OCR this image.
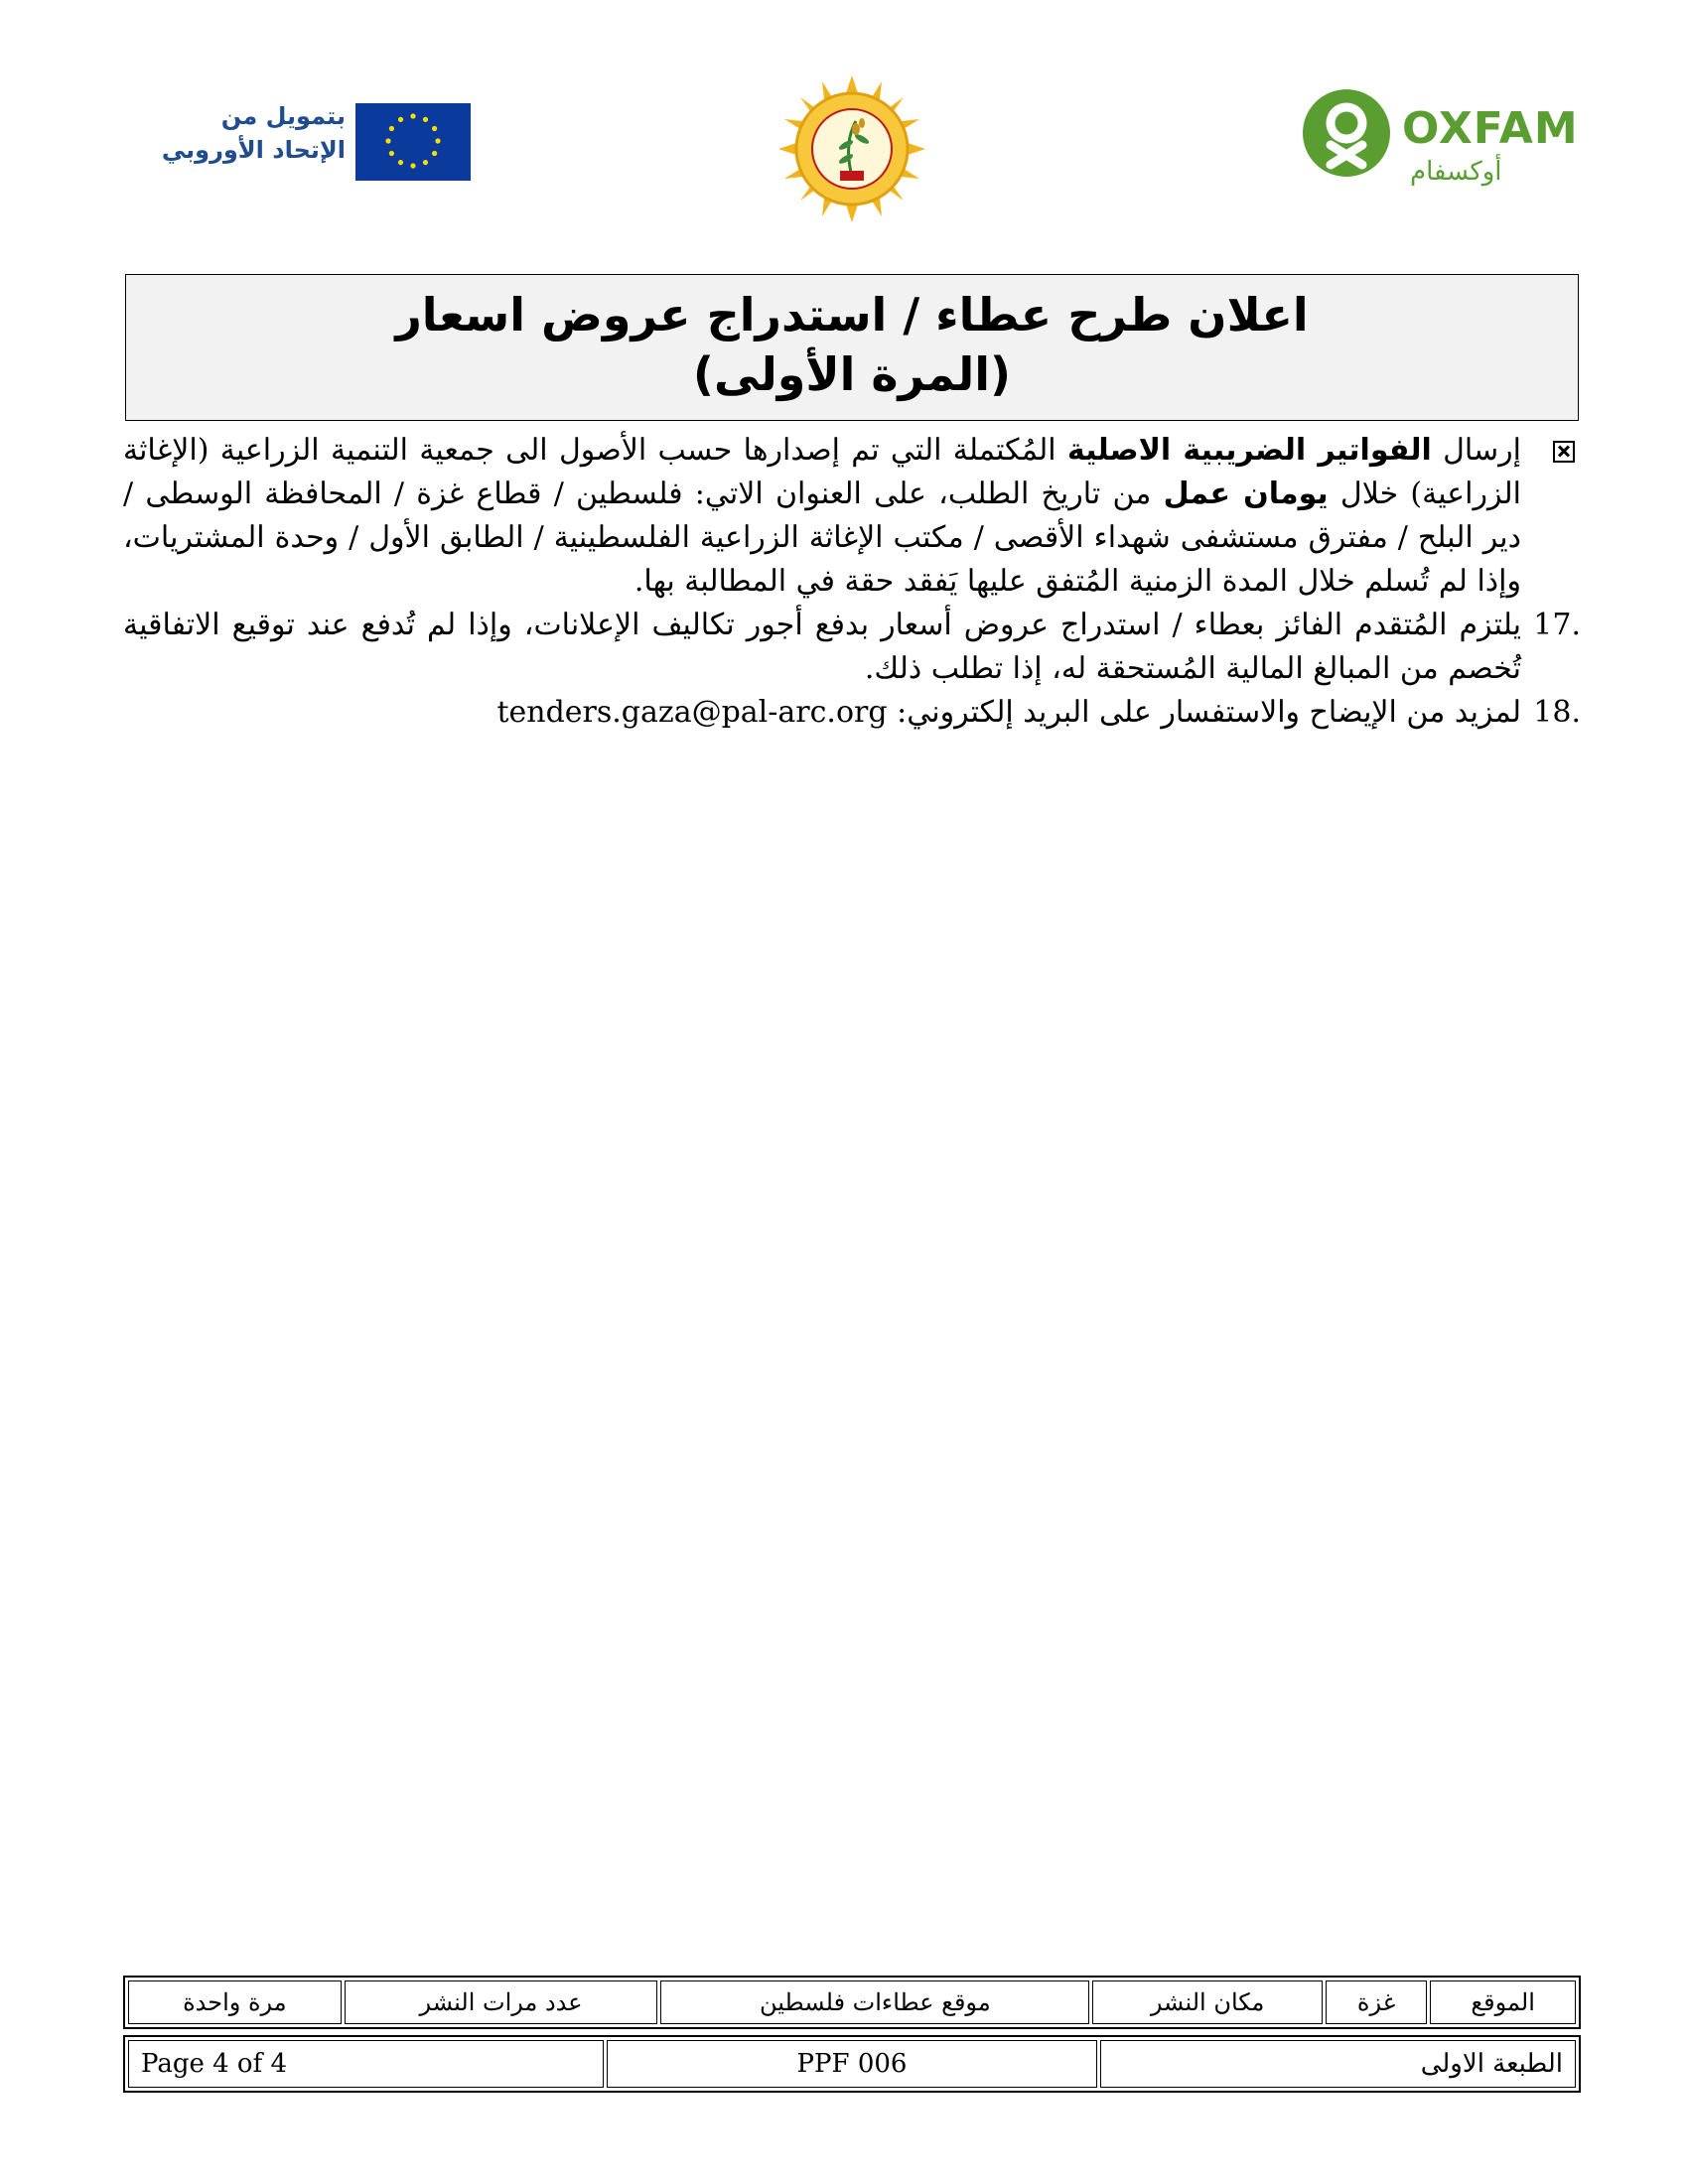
OXFAM
أوكسفام
بتمويل من
الإتحاد الأوروبي
اعلان طرح عطاء / استدراج عروض اسعار
(المرة الأولى)

إرسال الفواتير الضريبية الاصلية المُكتملة التي تم إصدارها حسب الأصول الى جمعية التنمية الزراعية (الإغاثة الزراعية) خلال يومان عمل من تاريخ الطلب، على العنوان الاتي: فلسطين / قطاع غزة / المحافظة الوسطى / دير البلح / مفترق مستشفى شهداء الأقصى / مكتب الإغاثة الزراعية الفلسطينية / الطابق الأول / وحدة المشتريات، وإذا لم تُسلم خلال المدة الزمنية المُتفق عليها يَفقد حقة في المطالبة بها.

17.

يلتزم المُتقدم الفائز بعطاء / استدراج عروض أسعار بدفع أجور تكاليف الإعلانات، وإذا لم تُدفع عند توقيع الاتفاقية تُخصم من المبالغ المالية المُستحقة له، إذا تطلب ذلك.

18.

لمزيد من الإيضاح والاستفسار على البريد إلكتروني: tenders.gaza@pal-arc.org

الموقع	غزة	مكان النشر	موقع عطاءات فلسطين	عدد مرات النشر	مرة واحدة
Page 4 of 4	PPF 006	الطبعة الاولى
